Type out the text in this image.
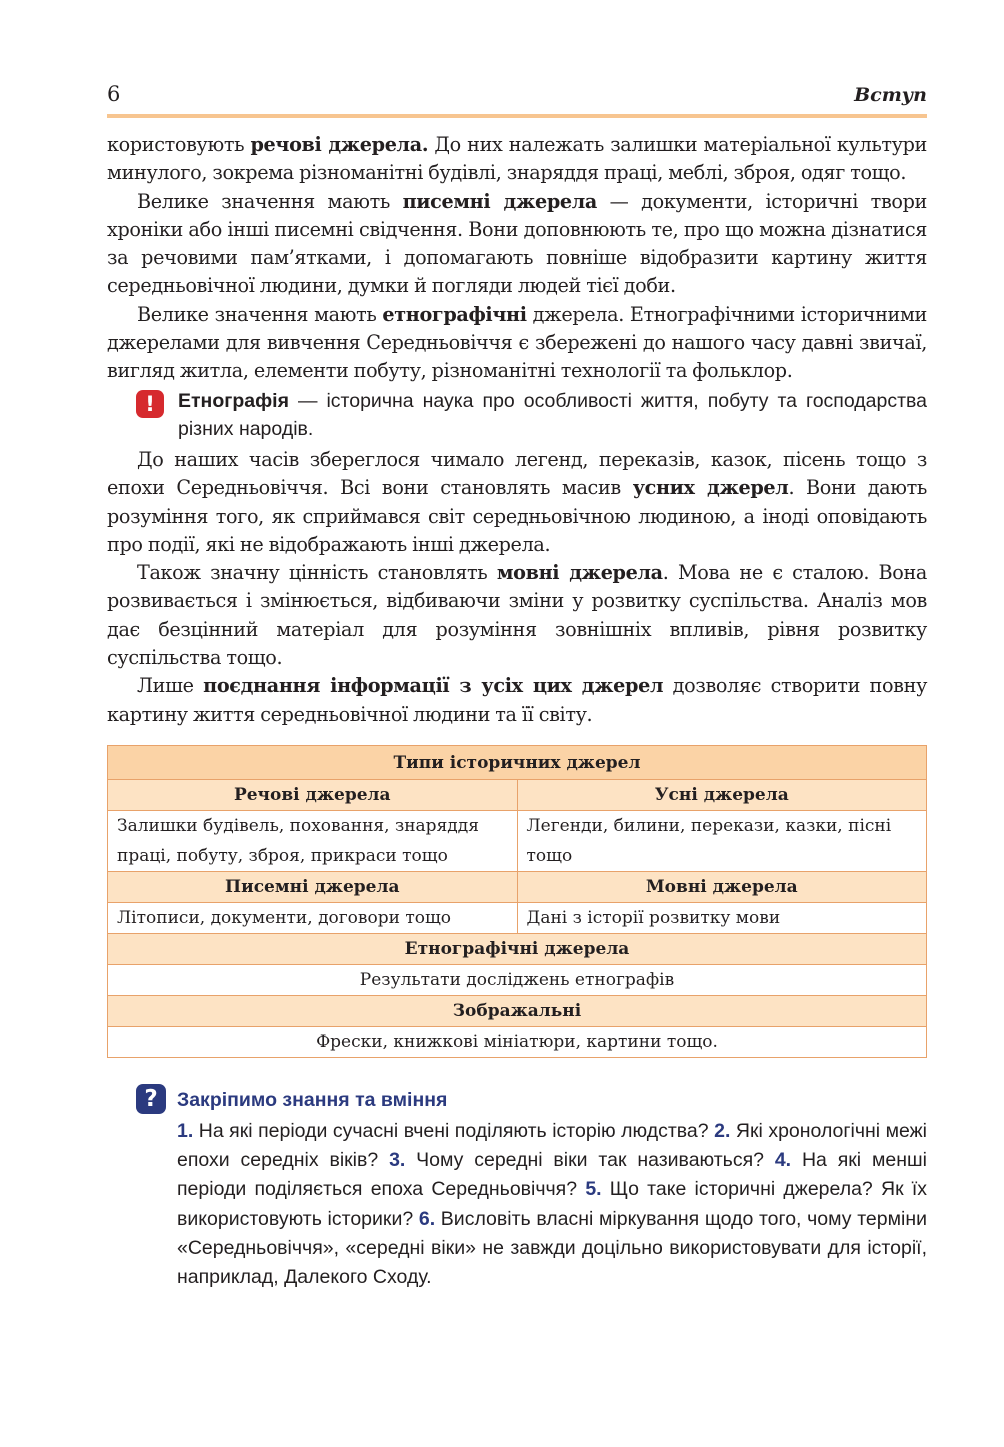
6	Вступ

користовують речові джерела. До них належать залишки матеріальної культури минулого, зокрема різноманітні будівлі, знаряддя праці, меблі, зброя, одяг тощо.

Велике значення мають писемні джерела — документи, історичні твори хроніки або інші писемні свідчення. Вони доповнюють те, про що можна дізнатися за речовими пам’ятками, і допомагають повніше відобразити картину життя середньовічної людини, думки й погляди людей тієї доби.

Велике значення мають етнографічні джерела. Етнографічними історичними джерелами для вивчення Середньовіччя є збережені до нашого часу давні звичаї, вигляд житла, елементи побуту, різноманітні технології та фольклор.

!	Етнографія — історична наука про особливості життя, побуту та господарства різних народів.

До наших часів збереглося чимало легенд, переказів, казок, пісень тощо з епохи Середньовіччя. Всі вони становлять масив усних джерел. Вони дають розуміння того, як сприймався світ середньовічною людиною, а іноді оповідають про події, які не відображають інші джерела.

Також значну цінність становлять мовні джерела. Мова не є сталою. Вона розвивається і змінюється, відбиваючи зміни у розвитку суспільства. Аналіз мов дає безцінний матеріал для розуміння зовнішніх впливів, рівня розвитку суспільства тощо.

Лише поєднання інформації з усіх цих джерел дозволяє створити повну картину життя середньовічної людини та її світу.

Типи історичних джерел	
Речові джерела	Усні джерела
Залишки будівель, поховання, знаряддя праці, побуту, зброя, прикраси тощо	Легенди, билини, перекази, казки, пісні тощо
Писемні джерела	Мовні джерела
Літописи, документи, договори тощо	Дані з історії розвитку мови
Етнографічні джерела	
Результати досліджень етнографів	
Зображальні	
Фрески, книжкові мініатюри, картини тощо.	
? Закріпимо знання та вміння
1. На які періоди сучасні вчені поділяють історію людства? 2. Які хронологічні межі епохи середніх віків? 3. Чому середні віки так називаються? 4. На які менші періоди поділяється епоха Середньовіччя? 5. Що таке історичні джерела? Як їх використовують історики? 6. Висловіть власні міркування щодо того, чому терміни «Середньовіччя», «середні віки» не завжди доцільно використовувати для історії, наприклад, Далекого Сходу.
